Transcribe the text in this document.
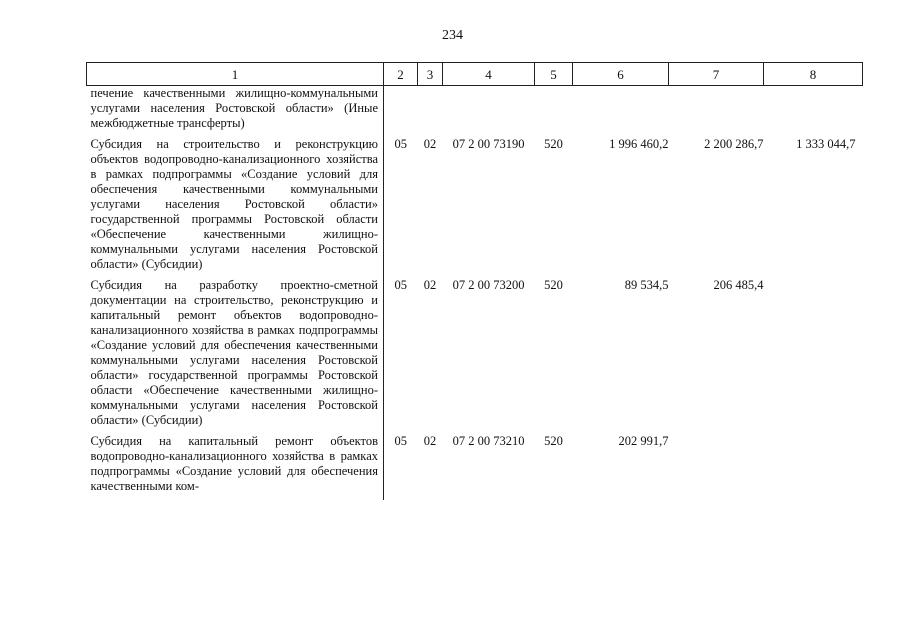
234
1	2	3	4	5	6	7	8
печение качественными жилищно-коммунальными услугами населения Ростовской области» (Иные межбюджетные трансферты)							
Субсидия на строительство и реконструкцию объектов водопроводно-канализационного хозяйства в рамках подпрограммы «Создание условий для обеспечения качественными коммунальными услугами населения Ростовской области» государственной программы Ростовской области «Обеспечение качественными жилищно-коммунальными услугами населения Ростовской области» (Субсидии)	05	02	07 2 00 73190	520	1 996 460,2	2 200 286,7	1 333 044,7
Субсидия на разработку проектно-сметной документации на строительство, реконструкцию и капитальный ремонт объектов водопроводно-канализационного хозяйства в рамках подпрограммы «Создание условий для обеспечения качественными коммунальными услугами населения Ростовской области» государственной программы Ростовской области «Обеспечение качественными жилищно-коммунальными услугами населения Ростовской области» (Субсидии)	05	02	07 2 00 73200	520	89 534,5	206 485,4	
Субсидия на капитальный ремонт объектов водопроводно-канализационного хозяйства в рамках подпрограммы «Создание условий для обеспечения качественными ком-	05	02	07 2 00 73210	520	202 991,7		
